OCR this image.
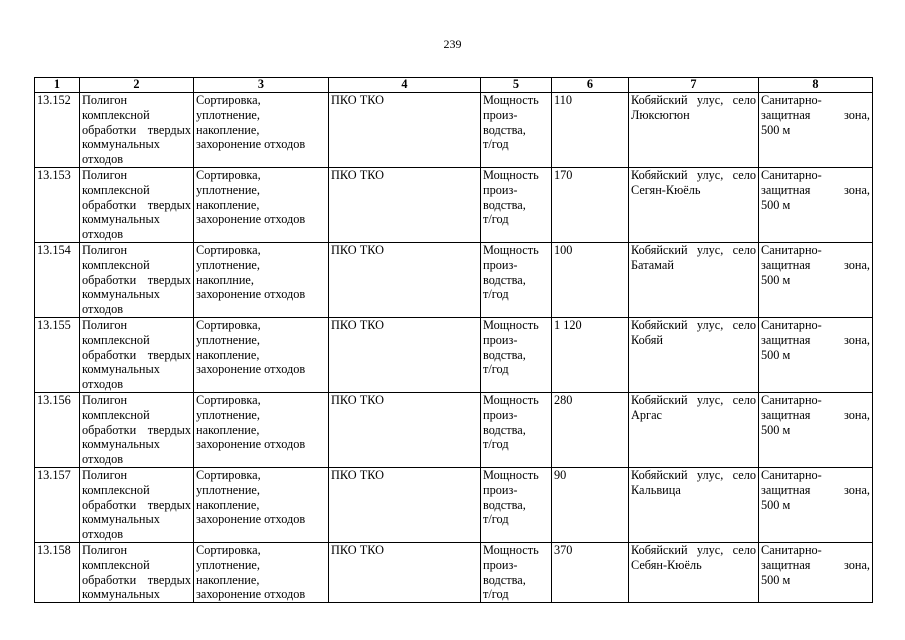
239
1	2	3	4	5	6	7	8
13.152	Полигон
комплексной
обработки твердых
коммунальных
отходов	Сортировка,
уплотнение,
накопление,
захоронение отходов	ПКО ТКО	Мощность
произ-
водства,
т/год	110	Кобяйский улус, село
Люксюгюн	Санитарно-
защитная зона,
500 м

13.153	Полигон
комплексной
обработки твердых
коммунальных
отходов	Сортировка,
уплотнение,
накопление,
захоронение отходов	ПКО ТКО	Мощность
произ-
водства,
т/год	170	Кобяйский улус, село
Сегян-Кюёль	Санитарно-
защитная зона,
500 м

13.154	Полигон
комплексной
обработки твердых
коммунальных
отходов	Сортировка,
уплотнение,
накоплние,
захоронение отходов	ПКО ТКО	Мощность
произ-
водства,
т/год	100	Кобяйский улус, село
Батамай	Санитарно-
защитная зона,
500 м

13.155	Полигон
комплексной
обработки твердых
коммунальных
отходов	Сортировка,
уплотнение,
накопление,
захоронение отходов	ПКО ТКО	Мощность
произ-
водства,
т/год	1 120	Кобяйский улус, село
Кобяй	Санитарно-
защитная зона,
500 м

13.156	Полигон
комплексной
обработки твердых
коммунальных
отходов	Сортировка,
уплотнение,
накопление,
захоронение отходов	ПКО ТКО	Мощность
произ-
водства,
т/год	280	Кобяйский улус, село
Аргас	Санитарно-
защитная зона,
500 м

13.157	Полигон
комплексной
обработки твердых
коммунальных
отходов	Сортировка,
уплотнение,
накопление,
захоронение отходов	ПКО ТКО	Мощность
произ-
водства,
т/год	90	Кобяйский улус, село
Кальвица	Санитарно-
защитная зона,
500 м

13.158	Полигон
комплексной
обработки твердых
коммунальных	Сортировка,
уплотнение,
накопление,
захоронение отходов	ПКО ТКО	Мощность
произ-
водства,
т/год	370	Кобяйский улус, село
Себян-Кюёль	Санитарно-
защитная зона,
500 м
